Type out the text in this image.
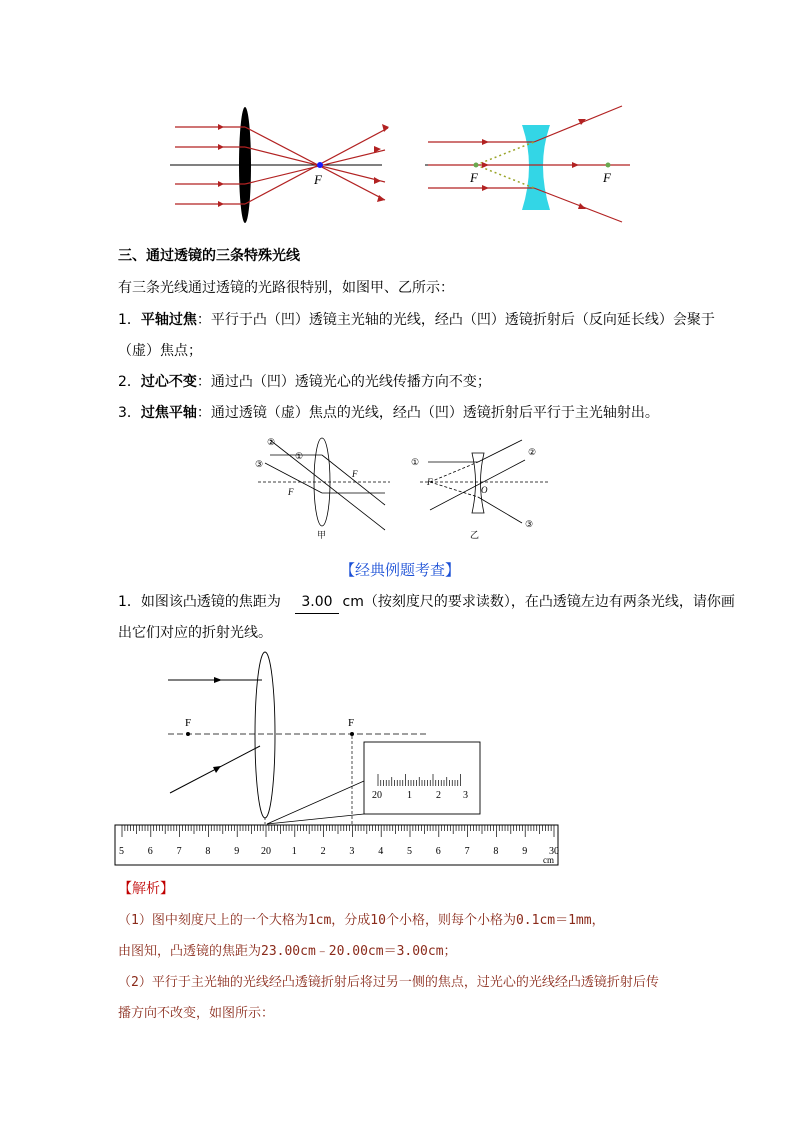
F	F	F
三、通过透镜的三条特殊光线
有三条光线通过透镜的光路很特别，如图甲、乙所示：
1．平轴过焦：平行于凸（凹）透镜主光轴的光线，经凸（凹）透镜折射后（反向延长线）会聚于
（虚）焦点；
2．过心不变：通过凸（凹）透镜光心的光线传播方向不变；
3．过焦平轴：通过透镜（虚）焦点的光线，经凸（凹）透镜折射后平行于主光轴射出。
②
③
①
F
F
甲
①
F
O
②
③
乙
【经典例题考查】
1．如图该凸透镜的焦距为 3.00 cm（按刻度尺的要求读数），在凸透镜左边有两条光线，请你画
出它们对应的折射光线。
F	F
20	1 2 3
5 6 7 8 9 20 1 2 3 4 5 6 7 8 9 30
cm
【解析】
（1）图中刻度尺上的一个大格为1cm，分成10个小格，则每个小格为0.1cm＝1mm，
由图知，凸透镜的焦距为23.00cm﹣20.00cm＝3.00cm；
（2）平行于主光轴的光线经凸透镜折射后将过另一侧的焦点，过光心的光线经凸透镜折射后传
播方向不改变，如图所示：
